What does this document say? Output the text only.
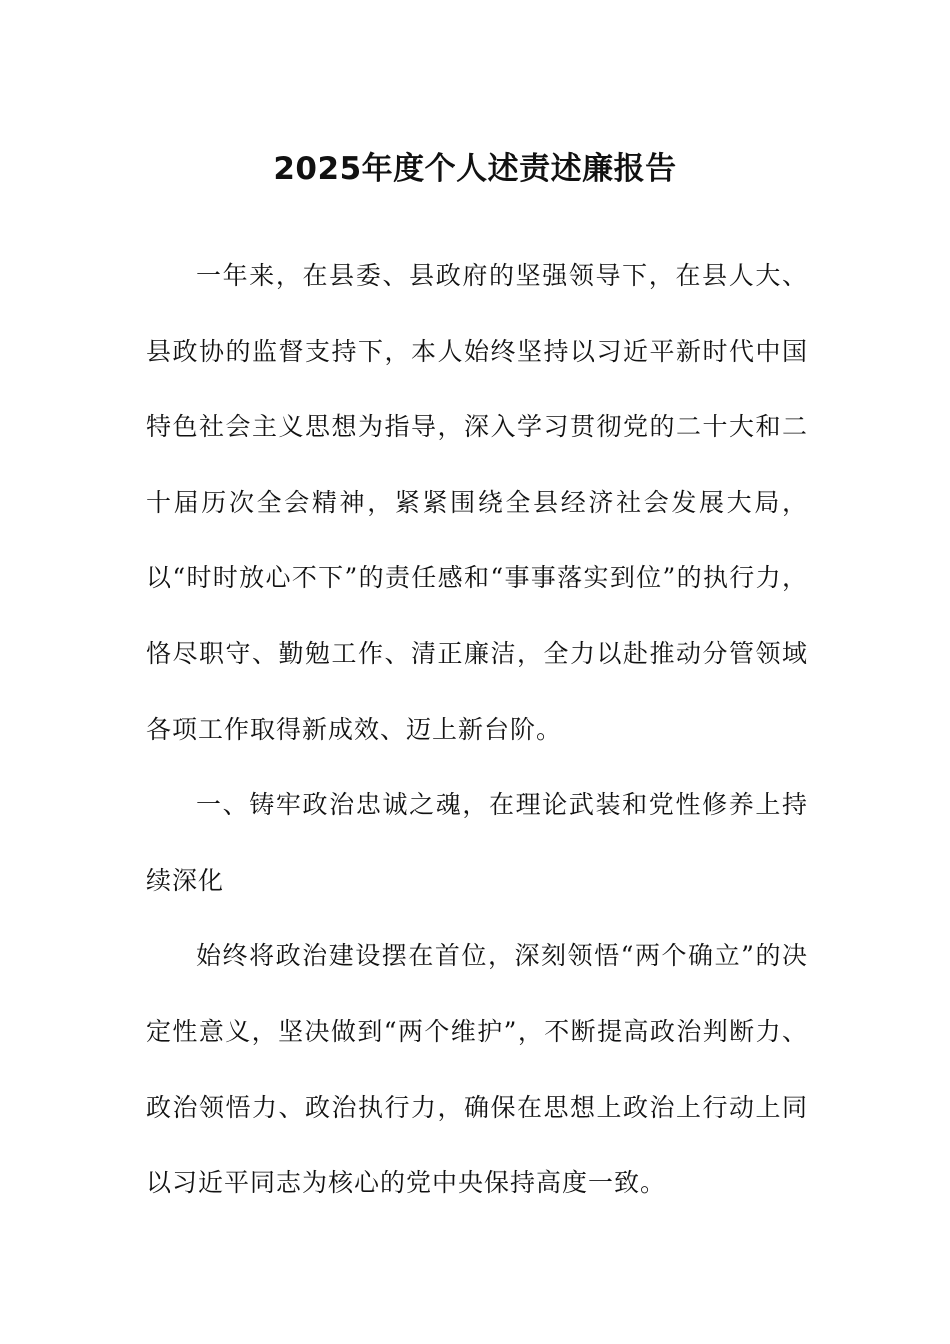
2025年度个人述责述廉报告

一年来，在县委、县政府的坚强领导下，在县人大、县政协的监督支持下，本人始终坚持以习近平新时代中国特色社会主义思想为指导，深入学习贯彻党的二十大和二十届历次全会精神，紧紧围绕全县经济社会发展大局，以“时时放心不下”的责任感和“事事落实到位”的执行力，恪尽职守、勤勉工作、清正廉洁，全力以赴推动分管领域各项工作取得新成效、迈上新台阶。

一、铸牢政治忠诚之魂，在理论武装和党性修养上持续深化

始终将政治建设摆在首位，深刻领悟“两个确立”的决定性意义，坚决做到“两个维护”，不断提高政治判断力、政治领悟力、政治执行力，确保在思想上政治上行动上同以习近平同志为核心的党中央保持高度一致。
